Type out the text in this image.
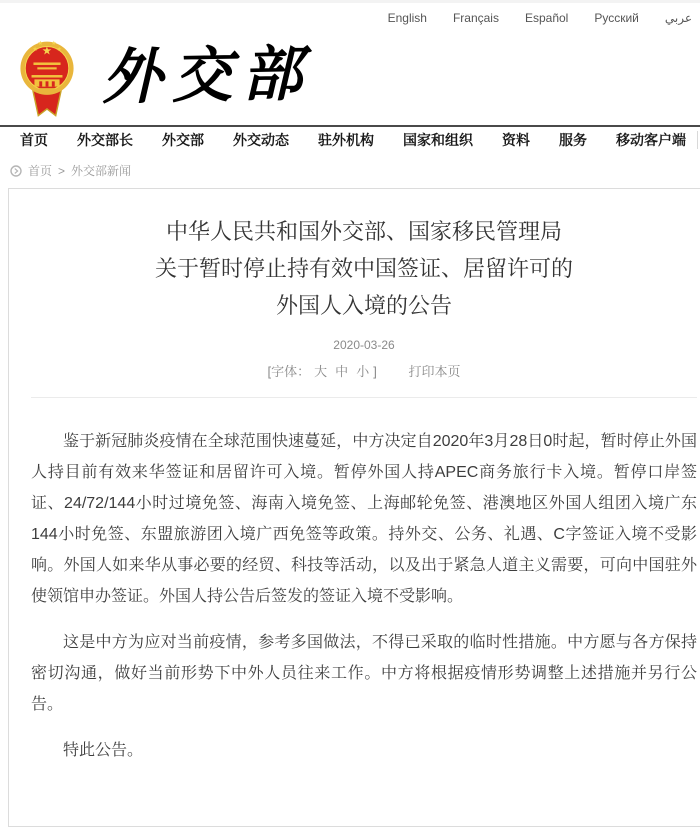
English Français Español Русский عربي
★
★
★ ★
★ 外交部
首页 外交部长 外交部 外交动态 驻外机构 国家和组织 资料 服务 移动客户端
首页 > 外交部新闻
中华人民共和国外交部、国家移民管理局
关于暂时停止持有效中国签证、居留许可的
外国人入境的公告
2020-03-26
[字体： 大 中 小 ] 打印本页

鉴于新冠肺炎疫情在全球范围快速蔓延，中方决定自2020年3月28日0时起，暂时停止外国人持目前有效来华签证和居留许可入境。暂停外国人持APEC商务旅行卡入境。暂停口岸签证、24/72/144小时过境免签、海南入境免签、上海邮轮免签、港澳地区外国人组团入境广东144小时免签、东盟旅游团入境广西免签等政策。持外交、公务、礼遇、C字签证入境不受影响。外国人如来华从事必要的经贸、科技等活动，以及出于紧急人道主义需要，可向中国驻外使领馆申办签证。外国人持公告后签发的签证入境不受影响。

这是中方为应对当前疫情，参考多国做法，不得已采取的临时性措施。中方愿与各方保持密切沟通，做好当前形势下中外人员往来工作。中方将根据疫情形势调整上述措施并另行公告。

特此公告。
